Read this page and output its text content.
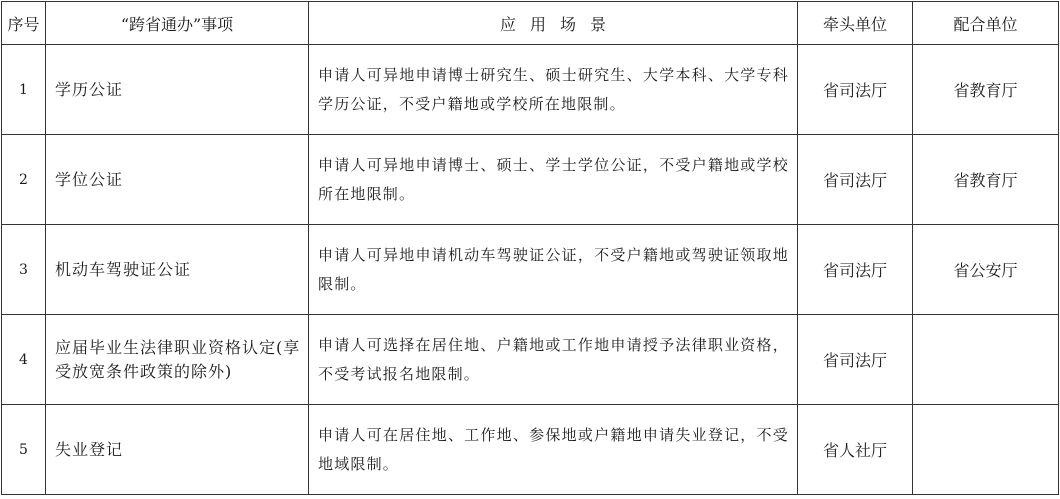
序号	“跨省通办”事项	应用场景	牵头单位	配合单位
1	学历公证	申请人可异地申请博士研究生、硕士研究生、大学本科、大学专科学历公证，不受户籍地或学校所在地限制。	省司法厅	省教育厅
2	学位公证	申请人可异地申请博士、硕士、学士学位公证，不受户籍地或学校所在地限制。	省司法厅	省教育厅
3	机动车驾驶证公证	申请人可异地申请机动车驾驶证公证，不受户籍地或驾驶证领取地限制。	省司法厅	省公安厅
4	应届毕业生法律职业资格认定(享受放宽条件政策的除外)	申请人可选择在居住地、户籍地或工作地申请授予法律职业资格，不受考试报名地限制。	省司法厅	
5	失业登记	申请人可在居住地、工作地、参保地或户籍地申请失业登记，不受地域限制。	省人社厅	
